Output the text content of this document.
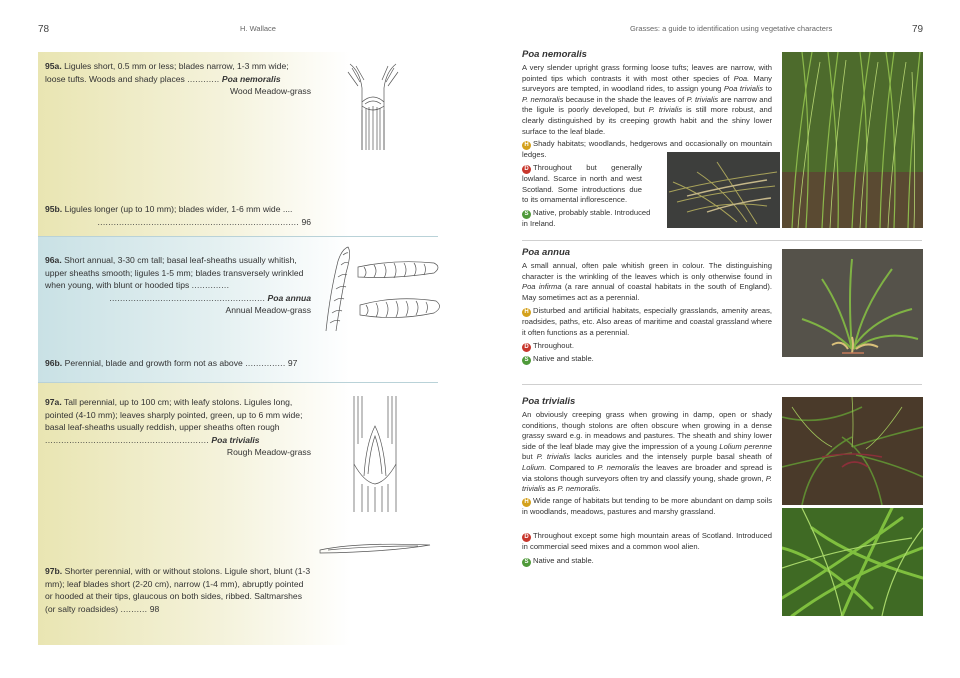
78	H. Wallace
95a. Ligules short, 0.5 mm or less; blades narrow, 1-3 mm wide; loose tufts. Woods and shady places ............ Poa nemoralis
Wood Meadow-grass
95b. Ligules longer (up to 10 mm); blades wider, 1-6 mm wide ....
........................................................................... 96
96a. Short annual, 3-30 cm tall; basal leaf-sheaths usually whitish, upper sheaths smooth; ligules 1-5 mm; blades transversely wrinkled when young, with blunt or hooded tips ..............
.......................................................... Poa annua
Annual Meadow-grass
96b. Perennial, blade and growth form not as above ............... 97
97a. Tall perennial, up to 100 cm; with leafy stolons. Ligules long, pointed (4-10 mm); leaves sharply pointed, green, up to 6 mm wide; basal leaf-sheaths usually reddish, upper sheaths often rough ............................................................. Poa trivialis
Rough Meadow-grass
97b. Shorter perennial, with or without stolons. Ligule short, blunt (1-3 mm); leaf blades short (2-20 cm), narrow (1-4 mm), abruptly pointed or hooded at their tips, glaucous on both sides, ribbed. Saltmarshes (or salty roadsides) .......... 98
Grasses: a guide to identification using vegetative characters	79
Poa nemoralis
A very slender upright grass forming loose tufts; leaves are narrow, with pointed tips which contrasts it with most other species of Poa. Many surveyors are tempted, in woodland rides, to assign young Poa trivialis to P. nemoralis because in the shade the leaves of P. trivialis are narrow and the ligule is poorly developed, but P. trivialis is still more robust, and clearly distinguished by its creeping growth habit and the shiny lower surface to the leaf blade.
H Shady habitats; woodlands, hedgerows and occasionally on mountain ledges.
D Throughout but generally lowland. Scarce in north and west Scotland. Some introductions due to its ornamental inflorescence.
S Native, probably stable. Introduced in Ireland.
Poa annua
A small annual, often pale whitish green in colour. The distinguishing character is the wrinkling of the leaves which is only otherwise found in Poa infirma (a rare annual of coastal habitats in the south of England). May sometimes act as a perennial.
H Disturbed and artificial habitats, especially grasslands, amenity areas, roadsides, paths, etc. Also areas of maritime and coastal grassland where it often functions as a perennial.
D Throughout.
S Native and stable.
Poa trivialis
An obviously creeping grass when growing in damp, open or shady conditions, though stolons are often obscure when growing in a dense grassy sward e.g. in meadows and pastures. The sheath and shiny lower side of the leaf blade may give the impression of a young Lolium perenne but P. trivialis lacks auricles and the intensely purple basal sheath of Lolium. Compared to P. nemoralis the leaves are broader and spread is via stolons though surveyors often try and classify young, shade grown, P. trivialis as P. nemoralis.
H Wide range of habitats but tending to be more abundant on damp soils in woodlands, meadows, pastures and marshy grassland.
D Throughout except some high mountain areas of Scotland. Introduced in commercial seed mixes and a common wool alien.
S Native and stable.
